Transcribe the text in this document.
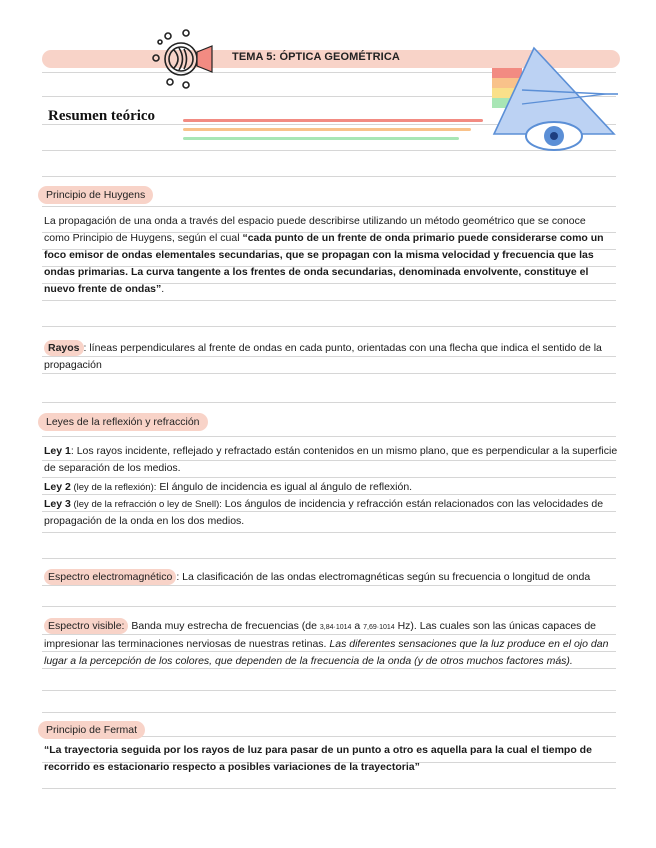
TEMA 5: ÓPTICA GEOMÉTRICA
Resumen teórico
Principio de Huygens
La propagación de una onda a través del espacio puede describirse utilizando un método geométrico que se conoce como Principio de Huygens, según el cual “cada punto de un frente de onda primario puede considerarse como un foco emisor de ondas elementales secundarias, que se propagan con la misma velocidad y frecuencia que las ondas primarias. La curva tangente a los frentes de onda secundarias, denominada envolvente, constituye el nuevo frente de ondas”.
Rayos : líneas perpendiculares al frente de ondas en cada punto, orientadas con una flecha que indica el sentido de la propagación
Leyes de la reflexión y refracción
Ley 1: Los rayos incidente, reflejado y refractado están contenidos en un mismo plano, que es perpendicular a la superficie de separación de los medios.
Ley 2 (ley de la reflexión): El ángulo de incidencia es igual al ángulo de reflexión.
Ley 3 (ley de la refracción o ley de Snell): Los ángulos de incidencia y refracción están relacionados con las velocidades de propagación de la onda en los dos medios.
Espectro electromagnético : La clasificación de las ondas electromagnéticas según su frecuencia o longitud de onda
Espectro visible: Banda muy estrecha de frecuencias (de 3,84·1014 a 7,69·1014 Hz). Las cuales son las únicas capaces de impresionar las terminaciones nerviosas de nuestras retinas. Las diferentes sensaciones que la luz produce en el ojo dan lugar a la percepción de los colores, que dependen de la frecuencia de la onda (y de otros muchos factores más).
Principio de Fermat
“La trayectoria seguida por los rayos de luz para pasar de un punto a otro es aquella para la cual el tiempo de recorrido es estacionario respecto a posibles variaciones de la trayectoria”
